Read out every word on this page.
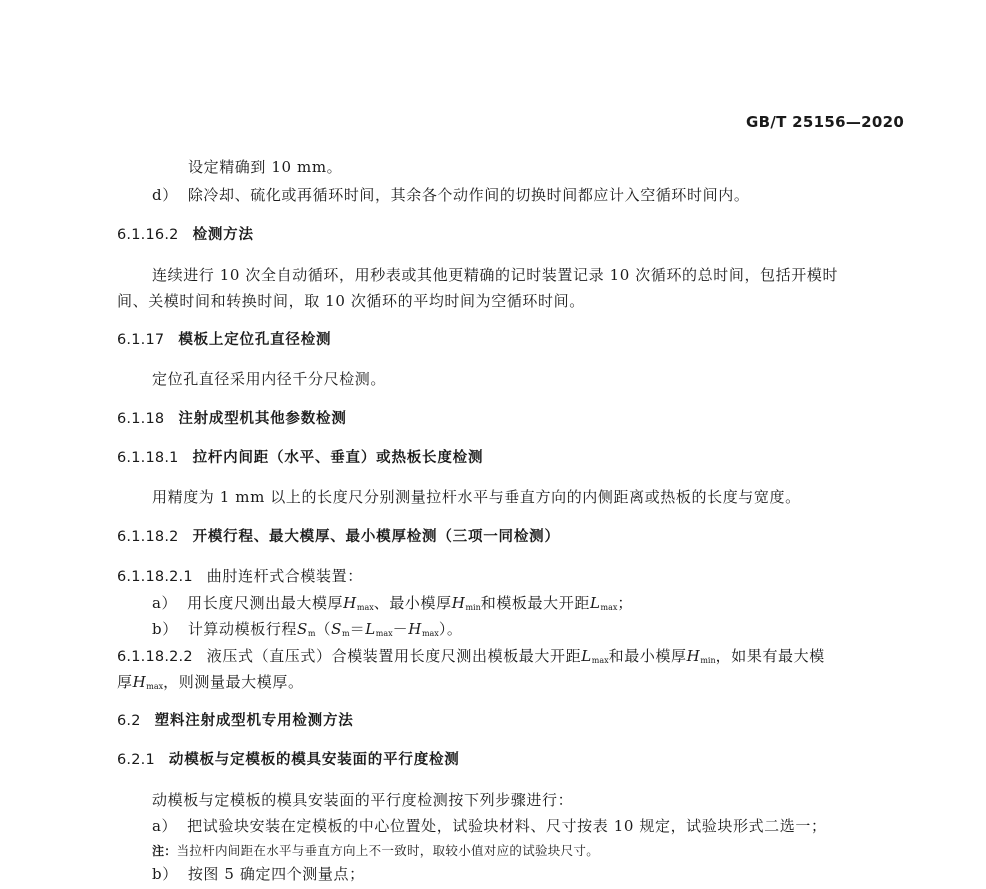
GB/T 25156—2020
设定精确到 10 mm。
d） 除冷却、硫化或再循环时间，其余各个动作间的切换时间都应计入空循环时间内。
6.1.16.2 检测方法
连续进行 10 次全自动循环，用秒表或其他更精确的记时装置记录 10 次循环的总时间，包括开模时
间、关模时间和转换时间，取 10 次循环的平均时间为空循环时间。
6.1.17 模板上定位孔直径检测
定位孔直径采用内径千分尺检测。
6.1.18 注射成型机其他参数检测
6.1.18.1 拉杆内间距（水平、垂直）或热板长度检测
用精度为 1 mm 以上的长度尺分别测量拉杆水平与垂直方向的内侧距离或热板的长度与宽度。
6.1.18.2 开模行程、最大模厚、最小模厚检测（三项一同检测）
6.1.18.2.1 曲肘连杆式合模装置：
a） 用长度尺测出最大模厚$H_{max}$、最小模厚$H_{min}$和模板最大开距$L_{max}$；
b） 计算动模板行程$S_m(S_m=L_{max}-H_{max})$。
6.1.18.2.2 液压式（直压式）合模装置用长度尺测出模板最大开距$L_{max}$和最小模厚$H_{min}$，如果有最大模
厚$H_{max}$，则测量最大模厚。
6.2 塑料注射成型机专用检测方法
6.2.1 动模板与定模板的模具安装面的平行度检测
动模板与定模板的模具安装面的平行度检测按下列步骤进行：
a） 把试验块安装在定模板的中心位置处，试验块材料、尺寸按表 10 规定，试验块形式二选一；
注：当拉杆内间距在水平与垂直方向上不一致时，取较小值对应的试验块尺寸。
b） 按图 5 确定四个测量点；
